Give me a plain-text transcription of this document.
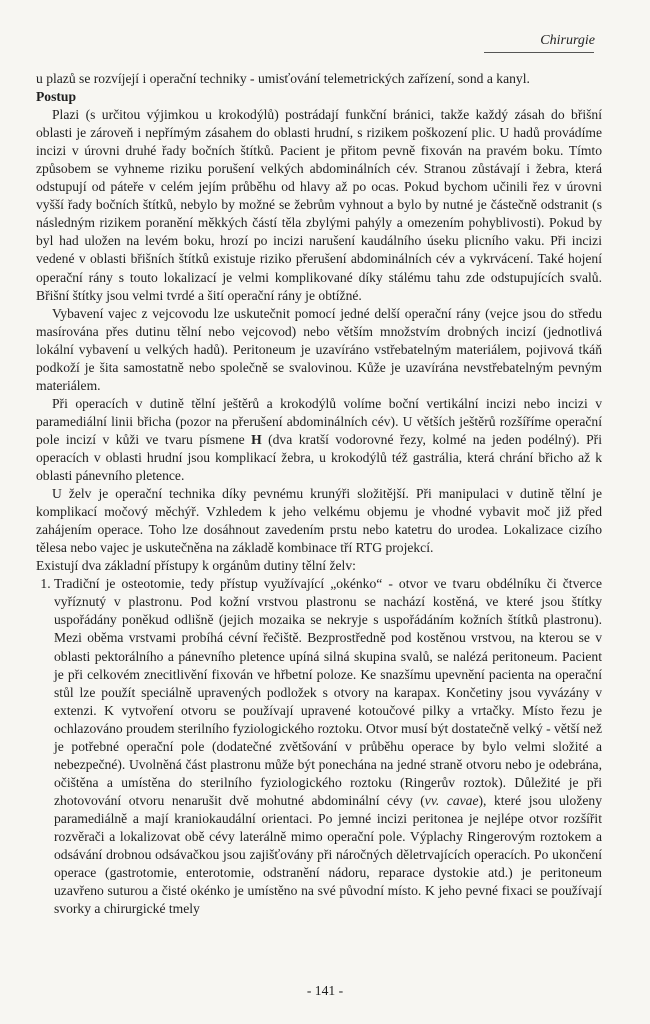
Chirurgie

u plazů se rozvíjejí i operační techniky - umisťování telemetrických zařízení, sond a kanyl.

Postup

Plazi (s určitou výjimkou u krokodýlů) postrádají funkční bránici, takže každý zásah do břišní oblasti je zároveň i nepřímým zásahem do oblasti hrudní, s rizikem poškození plic. U hadů provádíme incizi v úrovni druhé řady bočních štítků. Pacient je přitom pevně fixován na pravém boku. Tímto způsobem se vyhneme riziku porušení velkých abdominálních cév. Stranou zůstávají i žebra, která odstupují od páteře v celém jejím průběhu od hlavy až po ocas. Pokud bychom učinili řez v úrovni vyšší řady bočních štítků, nebylo by možné se žebrům vyhnout a bylo by nutné je částečně odstranit (s následným rizikem poranění měkkých částí těla zbylými pahýly a omezením pohyblivosti). Pokud by byl had uložen na levém boku, hrozí po incizi narušení kaudálního úseku plicního vaku. Při incizi vedené v oblasti břišních štítků existuje riziko přerušení abdominálních cév a vykrvácení. Také hojení operační rány s touto lokalizací je velmi komplikované díky stálému tahu zde odstupujících svalů. Břišní štítky jsou velmi tvrdé a šití operační rány je obtížné.

Vybavení vajec z vejcovodu lze uskutečnit pomocí jedné delší operační rány (vejce jsou do středu masírována přes dutinu tělní nebo vejcovod) nebo větším množstvím drobných incizí (jednotlivá lokální vybavení u velkých hadů). Peritoneum je uzavíráno vstřebatelným materiálem, pojivová tkáň podkoží je šita samostatně nebo společně se svalovinou. Kůže je uzavírána nevstřebatelným pevným materiálem.

Při operacích v dutině tělní ještěrů a krokodýlů volíme boční vertikální incizi nebo incizi v paramediální linii břicha (pozor na přerušení abdominálních cév). U větších ještěrů rozšíříme operační pole incizí v kůži ve tvaru písmene H (dva kratší vodorovné řezy, kolmé na jeden podélný). Při operacích v oblasti hrudní jsou komplikací žebra, u krokodýlů též gastrália, která chrání břicho až k oblasti pánevního pletence.

U želv je operační technika díky pevnému krunýři složitější. Při manipulaci v dutině tělní je komplikací močový měchýř. Vzhledem k jeho velkému objemu je vhodné vybavit moč již před zahájením operace. Toho lze dosáhnout zavedením prstu nebo katetru do urodea. Lokalizace cizího tělesa nebo vajec je uskutečněna na základě kombinace tří RTG projekcí.

Existují dva základní přístupy k orgánům dutiny tělní želv:

1. Tradiční je osteotomie, tedy přístup využívající „okénko“ - otvor ve tvaru obdélníku či čtverce vyříznutý v plastronu. Pod kožní vrstvou plastronu se nachází kostěná, ve které jsou štítky uspořádány poněkud odlišně (jejich mozaika se nekryje s uspořádáním kožních štítků plastronu). Mezi oběma vrstvami probíhá cévní řečiště. Bezprostředně pod kostěnou vrstvou, na kterou se v oblasti pektorálního a pánevního pletence upíná silná skupina svalů, se nalézá peritoneum. Pacient je při celkovém znecitlivění fixován ve hřbetní poloze. Ke snazšímu upevnění pacienta na operační stůl lze použít speciálně upravených podložek s otvory na karapax. Končetiny jsou vyvázány v extenzi. K vytvoření otvoru se používají upravené kotoučové pilky a vrtačky. Místo řezu je ochlazováno proudem sterilního fyziologického roztoku. Otvor musí být dostatečně velký - větší než je potřebné operační pole (dodatečné zvětšování v průběhu operace by bylo velmi složité a nebezpečné). Uvolněná část plastronu může být ponechána na jedné straně otvoru nebo je odebrána, očištěna a umístěna do sterilního fyziologického roztoku (Ringerův roztok). Důležité je při zhotovování otvoru nenarušit dvě mohutné abdominální cévy (vv. cavae), které jsou uloženy paramediálně a mají kraniokaudální orientaci. Po jemné incizi peritonea je nejlépe otvor rozšířit rozvěrači a lokalizovat obě cévy laterálně mimo operační pole. Výplachy Ringerovým roztokem a odsávání drobnou odsávačkou jsou zajišťovány při náročných děletrvajících operacích. Po ukončení operace (gastrotomie, enterotomie, odstranění nádoru, reparace dystokie atd.) je peritoneum uzavřeno suturou a čisté okénko je umístěno na své původní místo. K jeho pevné fixaci se používají svorky a chirurgické tmely
- 141 -
